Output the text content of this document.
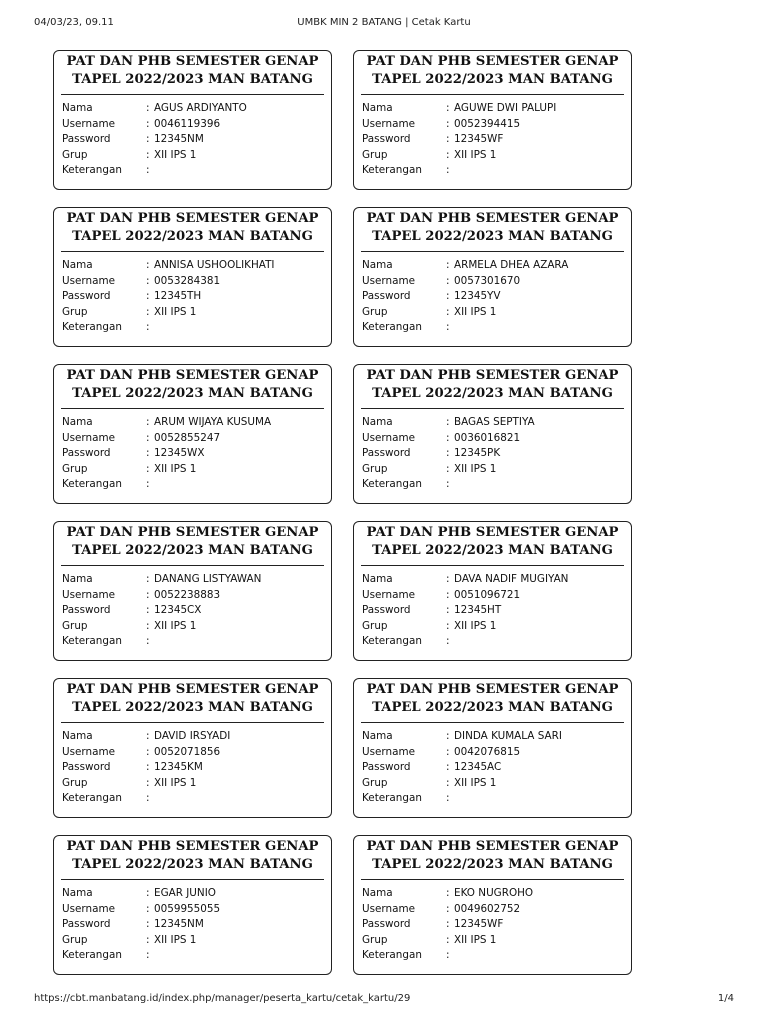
04/03/23, 09.11	UMBK MIN 2 BATANG | Cetak Kartu
PAT DAN PHB SEMESTER GENAP
TAPEL 2022/2023 MAN BATANG
Nama	: AGUS ARDIYANTO
Username	: 0046119396
Password	: 12345NM
Grup	: XII IPS 1
Keterangan	:
PAT DAN PHB SEMESTER GENAP
TAPEL 2022/2023 MAN BATANG
Nama	: AGUWE DWI PALUPI
Username	: 0052394415
Password	: 12345WF
Grup	: XII IPS 1
Keterangan	:
PAT DAN PHB SEMESTER GENAP
TAPEL 2022/2023 MAN BATANG
Nama	: ANNISA USHOOLIKHATI
Username	: 0053284381
Password	: 12345TH
Grup	: XII IPS 1
Keterangan	:
PAT DAN PHB SEMESTER GENAP
TAPEL 2022/2023 MAN BATANG
Nama	: ARMELA DHEA AZARA
Username	: 0057301670
Password	: 12345YV
Grup	: XII IPS 1
Keterangan	:
PAT DAN PHB SEMESTER GENAP
TAPEL 2022/2023 MAN BATANG
Nama	: ARUM WIJAYA KUSUMA
Username	: 0052855247
Password	: 12345WX
Grup	: XII IPS 1
Keterangan	:
PAT DAN PHB SEMESTER GENAP
TAPEL 2022/2023 MAN BATANG
Nama	: BAGAS SEPTIYA
Username	: 0036016821
Password	: 12345PK
Grup	: XII IPS 1
Keterangan	:
PAT DAN PHB SEMESTER GENAP
TAPEL 2022/2023 MAN BATANG
Nama	: DANANG LISTYAWAN
Username	: 0052238883
Password	: 12345CX
Grup	: XII IPS 1
Keterangan	:
PAT DAN PHB SEMESTER GENAP
TAPEL 2022/2023 MAN BATANG
Nama	: DAVA NADIF MUGIYAN
Username	: 0051096721
Password	: 12345HT
Grup	: XII IPS 1
Keterangan	:
PAT DAN PHB SEMESTER GENAP
TAPEL 2022/2023 MAN BATANG
Nama	: DAVID IRSYADI
Username	: 0052071856
Password	: 12345KM
Grup	: XII IPS 1
Keterangan	:
PAT DAN PHB SEMESTER GENAP
TAPEL 2022/2023 MAN BATANG
Nama	: DINDA KUMALA SARI
Username	: 0042076815
Password	: 12345AC
Grup	: XII IPS 1
Keterangan	:
PAT DAN PHB SEMESTER GENAP
TAPEL 2022/2023 MAN BATANG
Nama	: EGAR JUNIO
Username	: 0059955055
Password	: 12345NM
Grup	: XII IPS 1
Keterangan	:
PAT DAN PHB SEMESTER GENAP
TAPEL 2022/2023 MAN BATANG
Nama	: EKO NUGROHO
Username	: 0049602752
Password	: 12345WF
Grup	: XII IPS 1
Keterangan	:
https://cbt.manbatang.id/index.php/manager/peserta_kartu/cetak_kartu/29	1/4
